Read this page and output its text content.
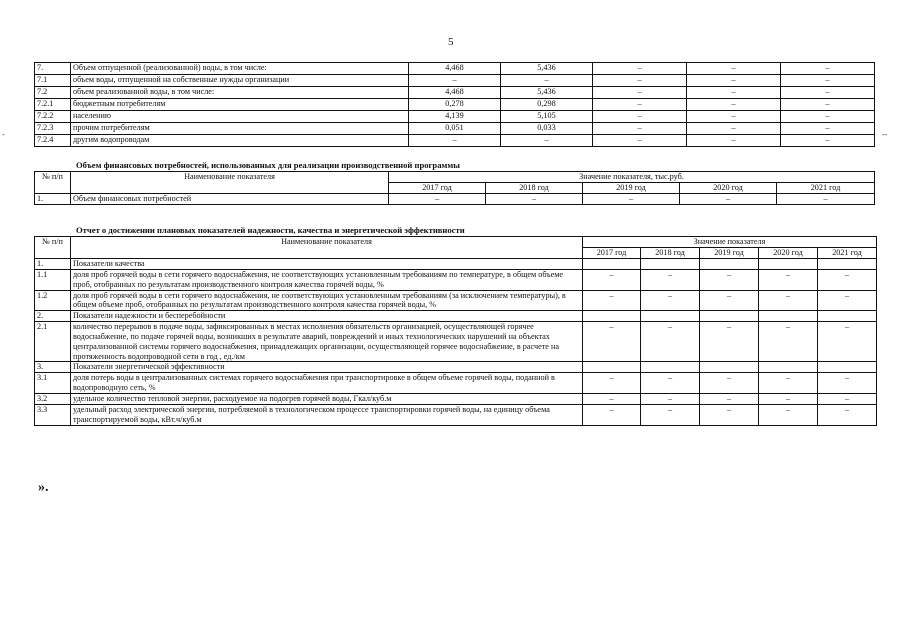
5
7.	Объем отпущенной (реализованной) воды, в том числе:	4,468	5,436	–	–	–
7.1	объем воды, отпущенной на собственные нужды организации	–	–	–	–	–
7.2	объем реализованной воды, в том числе:	4,468	5,436	–	–	–
7.2.1	бюджетным потребителям	0,278	0,298	–	–	–
7.2.2	населению	4,139	5,105	–	–	–
7.2.3	прочим потребителям	0,051	0,033	–	–	–
7.2.4	другим водопроводам	–	–	–	–	–
Объем финансовых потребностей, использованных для реализации производственной программы
№ п/п	Наименование показателя	Значение показателя, тыс.руб.				
		2017 год	2018 год	2019 год	2020 год	2021 год
1.	Объем финансовых потребностей	–	–	–	–	–
Отчет о достижении плановых показателей надежности, качества и энергетической эффективности
№ п/п	Наименование показателя	Значение показателя				
		2017 год	2018 год	2019 год	2020 год	2021 год
1.	Показатели качества					
1.1	доля проб горячей воды в сети горячего водоснабжения, не соответствующих установленным требованиям по температуре, в общем объеме проб, отобранных по результатам производственного контроля качества горячей воды, %	–	–	–	–	–
1.2	доля проб горячей воды в сети горячего водоснабжения, не соответствующих установленным требованиям (за исключением температуры), в общем объеме проб, отобранных по результатам производственного контроля качества горячей воды, %	–	–	–	–	–
2.	Показатели надежности и бесперебойности					
2.1	количество перерывов в подаче воды, зафиксированных в местах исполнения обязательств организацией, осуществляющей горячее водоснабжение, по подаче горячей воды, возникших в результате аварий, повреждений и иных технологических нарушений на объектах централизованной системы горячего водоснабжения, принадлежащих организации, осуществляющей горячее водоснабжение, в расчете на протяженность водопроводной сети в год , ед./км	–	–	–	–	–
3.	Показатели энергетической эффективности					
3.1	доля потерь воды в централизованных системах горячего водоснабжения при транспортировке в общем объеме горячей воды, поданной в водопроводную сеть, %	–	–	–	–	–
3.2	удельное количество тепловой энергии, расходуемое на подогрев горячей воды, Гкал/куб.м	–	–	–	–	–
3.3	удельный расход электрической энергии, потребляемой в технологическом процессе транспортировки горячей воды, на единицу объема транспортируемой воды, кВт.ч/куб.м	–	–	–	–	–
».
-	--
